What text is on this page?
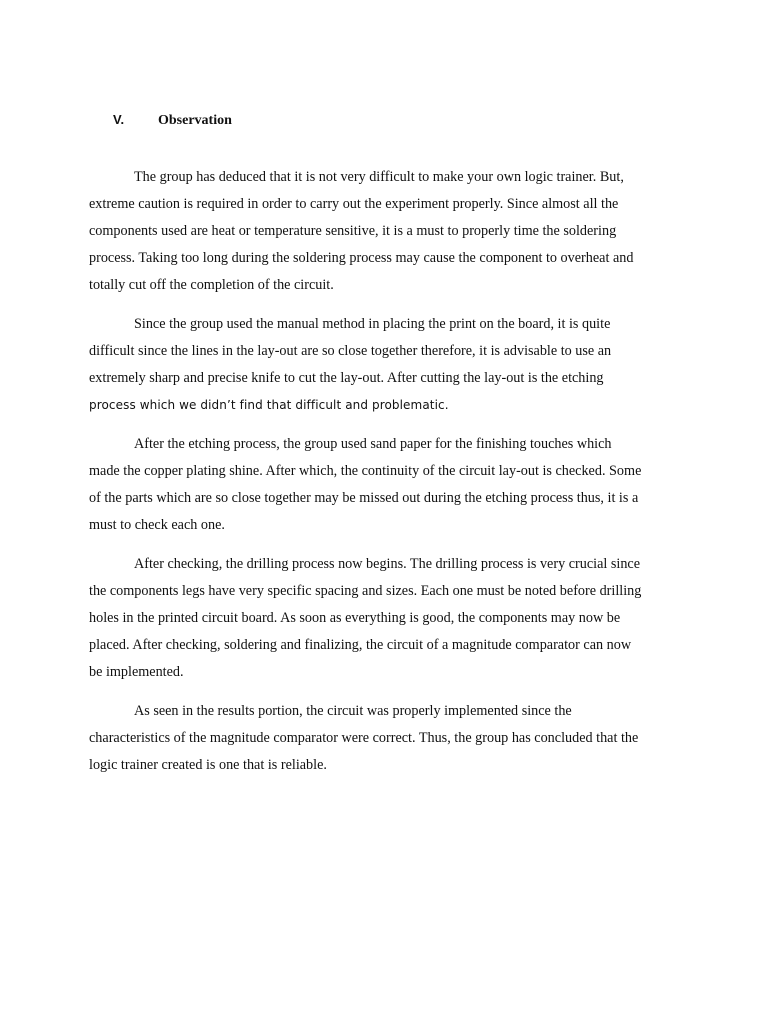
V.	Observation

The group has deduced that it is not very difficult to make your own logic trainer. But,
extreme caution is required in order to carry out the experiment properly. Since almost all the
components used are heat or temperature sensitive, it is a must to properly time the soldering
process. Taking too long during the soldering process may cause the component to overheat and
totally cut off the completion of the circuit.

Since the group used the manual method in placing the print on the board, it is quite
difficult since the lines in the lay-out are so close together therefore, it is advisable to use an
extremely sharp and precise knife to cut the lay-out. After cutting the lay-out is the etching
process which we didn’t find that difficult and problematic.

After the etching process, the group used sand paper for the finishing touches which
made the copper plating shine. After which, the continuity of the circuit lay-out is checked. Some
of the parts which are so close together may be missed out during the etching process thus, it is a
must to check each one.

After checking, the drilling process now begins. The drilling process is very crucial since
the components legs have very specific spacing and sizes. Each one must be noted before drilling
holes in the printed circuit board. As soon as everything is good, the components may now be
placed. After checking, soldering and finalizing, the circuit of a magnitude comparator can now
be implemented.

As seen in the results portion, the circuit was properly implemented since the
characteristics of the magnitude comparator were correct. Thus, the group has concluded that the
logic trainer created is one that is reliable.
